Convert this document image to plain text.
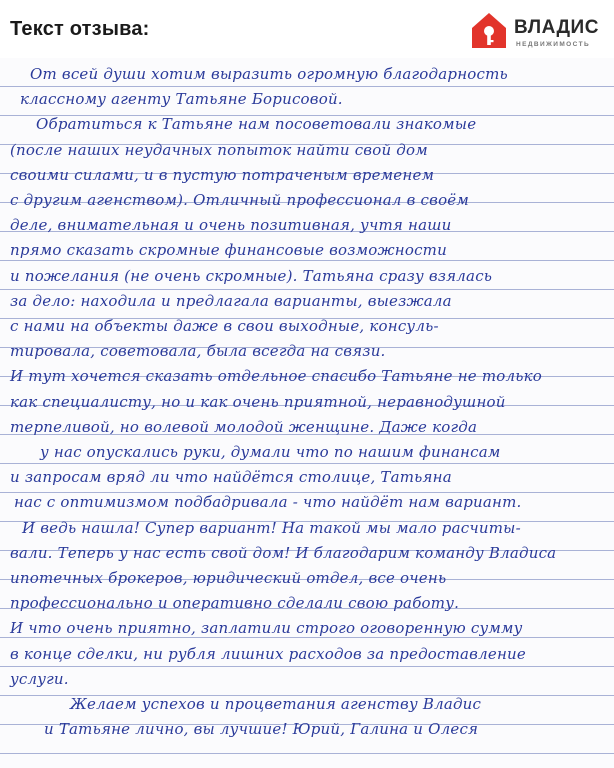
Текст отзыва:	ВЛАДИС
НЕДВИЖИМОСТЬ
От всей души хотим выразить огромную благодарность
классному агенту Татьяне Борисовой.
Обратиться к Татьяне нам посоветовали знакомые
(после наших неудачных попыток найти свой дом
своими силами, и в пустую потраченым временем
с другим агенством). Отличный профессионал в своём
деле, внимательная и очень позитивная, учтя наши
прямо сказать скромные финансовые возможности
и пожелания (не очень скромные). Татьяна сразу взялась
за дело: находила и предлагала варианты, выезжала
с нами на объекты даже в свои выходные, консуль-
тировала, советовала, была всегда на связи.
И тут хочется сказать отдельное спасибо Татьяне не только
как специалисту, но и как очень приятной, неравнодушной
терпеливой, но волевой молодой женщине. Даже когда
у нас опускались руки, думали что по нашим финансам
и запросам вряд ли что найдётся столице, Татьяна
нас с оптимизмом подбадривала - что найдёт нам вариант.
И ведь нашла! Супер вариант! На такой мы мало расчиты-
вали. Теперь у нас есть свой дом! И благодарим команду Владиса
ипотечных брокеров, юридический отдел, все очень
профессионально и оперативно сделали свою работу.
И что очень приятно, заплатили строго оговоренную сумму
в конце сделки, ни рубля лишних расходов за предоставление
услуги.
Желаем успехов и процветания агенству Владис
и Татьяне лично, вы лучшие! Юрий, Галина и Олеся
